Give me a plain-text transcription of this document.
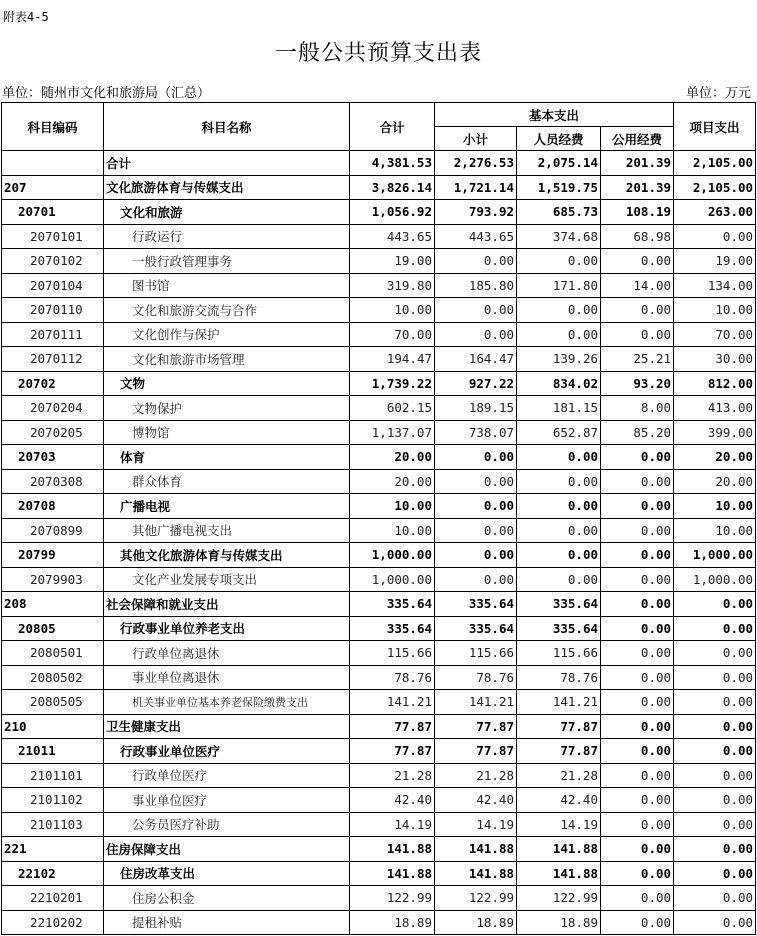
附表4-5
一般公共预算支出表
单位：随州市文化和旅游局（汇总）	单位：万元
科目编码	科目名称	合计	基本支出			项目支出
			小计	人员经费	公用经费	
	合计	4,381.53	2,276.53	2,075.14	201.39	2,105.00
207	文化旅游体育与传媒支出	3,826.14	1,721.14	1,519.75	201.39	2,105.00
20701	文化和旅游	1,056.92	793.92	685.73	108.19	263.00
2070101	行政运行	443.65	443.65	374.68	68.98	0.00
2070102	一般行政管理事务	19.00	0.00	0.00	0.00	19.00
2070104	图书馆	319.80	185.80	171.80	14.00	134.00
2070110	文化和旅游交流与合作	10.00	0.00	0.00	0.00	10.00
2070111	文化创作与保护	70.00	0.00	0.00	0.00	70.00
2070112	文化和旅游市场管理	194.47	164.47	139.26	25.21	30.00
20702	文物	1,739.22	927.22	834.02	93.20	812.00
2070204	文物保护	602.15	189.15	181.15	8.00	413.00
2070205	博物馆	1,137.07	738.07	652.87	85.20	399.00
20703	体育	20.00	0.00	0.00	0.00	20.00
2070308	群众体育	20.00	0.00	0.00	0.00	20.00
20708	广播电视	10.00	0.00	0.00	0.00	10.00
2070899	其他广播电视支出	10.00	0.00	0.00	0.00	10.00
20799	其他文化旅游体育与传媒支出	1,000.00	0.00	0.00	0.00	1,000.00
2079903	文化产业发展专项支出	1,000.00	0.00	0.00	0.00	1,000.00
208	社会保障和就业支出	335.64	335.64	335.64	0.00	0.00
20805	行政事业单位养老支出	335.64	335.64	335.64	0.00	0.00
2080501	行政单位离退休	115.66	115.66	115.66	0.00	0.00
2080502	事业单位离退休	78.76	78.76	78.76	0.00	0.00
2080505	机关事业单位基本养老保险缴费支出	141.21	141.21	141.21	0.00	0.00
210	卫生健康支出	77.87	77.87	77.87	0.00	0.00
21011	行政事业单位医疗	77.87	77.87	77.87	0.00	0.00
2101101	行政单位医疗	21.28	21.28	21.28	0.00	0.00
2101102	事业单位医疗	42.40	42.40	42.40	0.00	0.00
2101103	公务员医疗补助	14.19	14.19	14.19	0.00	0.00
221	住房保障支出	141.88	141.88	141.88	0.00	0.00
22102	住房改革支出	141.88	141.88	141.88	0.00	0.00
2210201	住房公积金	122.99	122.99	122.99	0.00	0.00
2210202	提租补贴	18.89	18.89	18.89	0.00	0.00
